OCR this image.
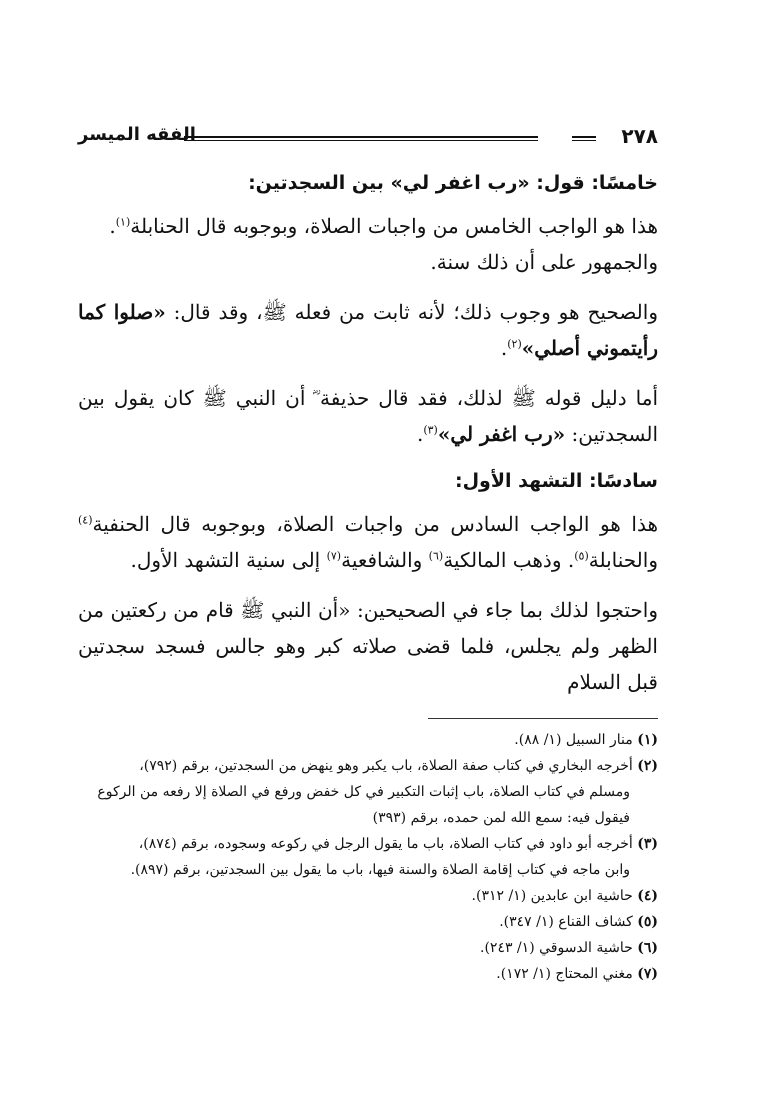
٢٧٨
الفقه الميسر
خامسًا: قول: «رب اغفر لي» بين السجدتين:

هذا هو الواجب الخامس من واجبات الصلاة، وبوجوبه قال الحنابلة$^{(١)}$.
والجمهور على أن ذلك سنة.

والصحيح هو وجوب ذلك؛ لأنه ثابت من فعله ﷺ، وقد قال: «صلوا كما رأيتموني أصلي»$^{(٢)}$.

أما دليل قوله ﷺ لذلك، فقد قال حذيفة ؓ أن النبي ﷺ كان يقول بين السجدتين: «رب اغفر لي»$^{(٣)}$.

سادسًا: التشهد الأول:

هذا هو الواجب السادس من واجبات الصلاة، وبوجوبه قال الحنفية$^{(٤)}$ والحنابلة$^{(٥)}$. وذهب المالكية$^{(٦)}$ والشافعية$^{(٧)}$ إلى سنية التشهد الأول.

واحتجوا لذلك بما جاء في الصحيحين: «أن النبي ﷺ قام من ركعتين من الظهر ولم يجلس، فلما قضى صلاته كبر وهو جالس فسجد سجدتين قبل السلام

(١) منار السبيل (١/ ٨٨).

(٢) أخرجه البخاري في كتاب صفة الصلاة، باب يكبر وهو ينهض من السجدتين، برقم (٧٩٢)،
ومسلم في كتاب الصلاة، باب إثبات التكبير في كل خفض ورفع في الصلاة إلا رفعه من الركوع
فيقول فيه: سمع الله لمن حمده، برقم (٣٩٣)

(٣) أخرجه أبو داود في كتاب الصلاة، باب ما يقول الرجل في ركوعه وسجوده، برقم (٨٧٤)،
وابن ماجه في كتاب إقامة الصلاة والسنة فيها، باب ما يقول بين السجدتين، برقم (٨٩٧).

(٤) حاشية ابن عابدين (١/ ٣١٢).

(٥) كشاف القناع (١/ ٣٤٧).

(٦) حاشية الدسوقي (١/ ٢٤٣).

(٧) مغني المحتاج (١/ ١٧٢).
